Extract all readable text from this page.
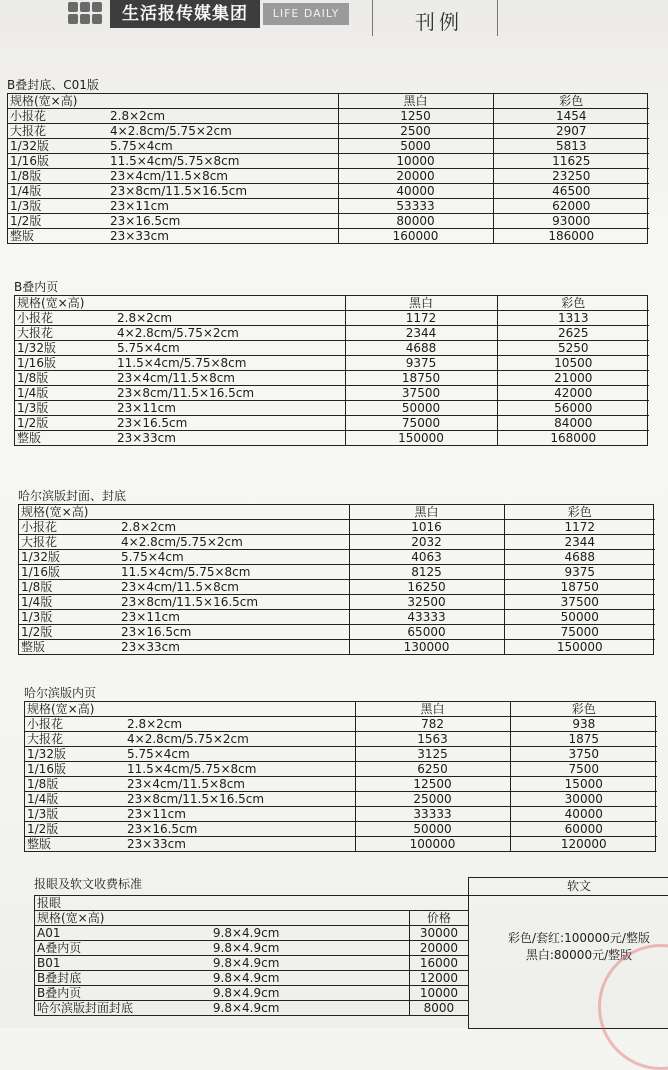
生活报传媒集团	LIFE DAILY	刊例
B叠封底、C01版
规格(宽×高)		黑白	彩色
小报花	2.8×2cm	1250	1454
大报花	4×2.8cm/5.75×2cm	2500	2907
1/32版	5.75×4cm	5000	5813
1/16版	11.5×4cm/5.75×8cm	10000	11625
1/8版	23×4cm/11.5×8cm	20000	23250
1/4版	23×8cm/11.5×16.5cm	40000	46500
1/3版	23×11cm	53333	62000
1/2版	23×16.5cm	80000	93000
整版	23×33cm	160000	186000
B叠内页
规格(宽×高)		黑白	彩色
小报花	2.8×2cm	1172	1313
大报花	4×2.8cm/5.75×2cm	2344	2625
1/32版	5.75×4cm	4688	5250
1/16版	11.5×4cm/5.75×8cm	9375	10500
1/8版	23×4cm/11.5×8cm	18750	21000
1/4版	23×8cm/11.5×16.5cm	37500	42000
1/3版	23×11cm	50000	56000
1/2版	23×16.5cm	75000	84000
整版	23×33cm	150000	168000
哈尔滨版封面、封底
规格(宽×高)		黑白	彩色
小报花	2.8×2cm	1016	1172
大报花	4×2.8cm/5.75×2cm	2032	2344
1/32版	5.75×4cm	4063	4688
1/16版	11.5×4cm/5.75×8cm	8125	9375
1/8版	23×4cm/11.5×8cm	16250	18750
1/4版	23×8cm/11.5×16.5cm	32500	37500
1/3版	23×11cm	43333	50000
1/2版	23×16.5cm	65000	75000
整版	23×33cm	130000	150000
哈尔滨版内页
规格(宽×高)		黑白	彩色
小报花	2.8×2cm	782	938
大报花	4×2.8cm/5.75×2cm	1563	1875
1/32版	5.75×4cm	3125	3750
1/16版	11.5×4cm/5.75×8cm	6250	7500
1/8版	23×4cm/11.5×8cm	12500	15000
1/4版	23×8cm/11.5×16.5cm	25000	30000
1/3版	23×11cm	33333	40000
1/2版	23×16.5cm	50000	60000
整版	23×33cm	100000	120000
报眼及软文收费标准
报眼		
规格(宽×高)		价格
A01	9.8×4.9cm	30000
A叠内页	9.8×4.9cm	20000
B01	9.8×4.9cm	16000
B叠封底	9.8×4.9cm	12000
B叠内页	9.8×4.9cm	10000
哈尔滨版封面封底	9.8×4.9cm	8000
软文
彩色/套红:100000元/整版
黑白:80000元/整版
